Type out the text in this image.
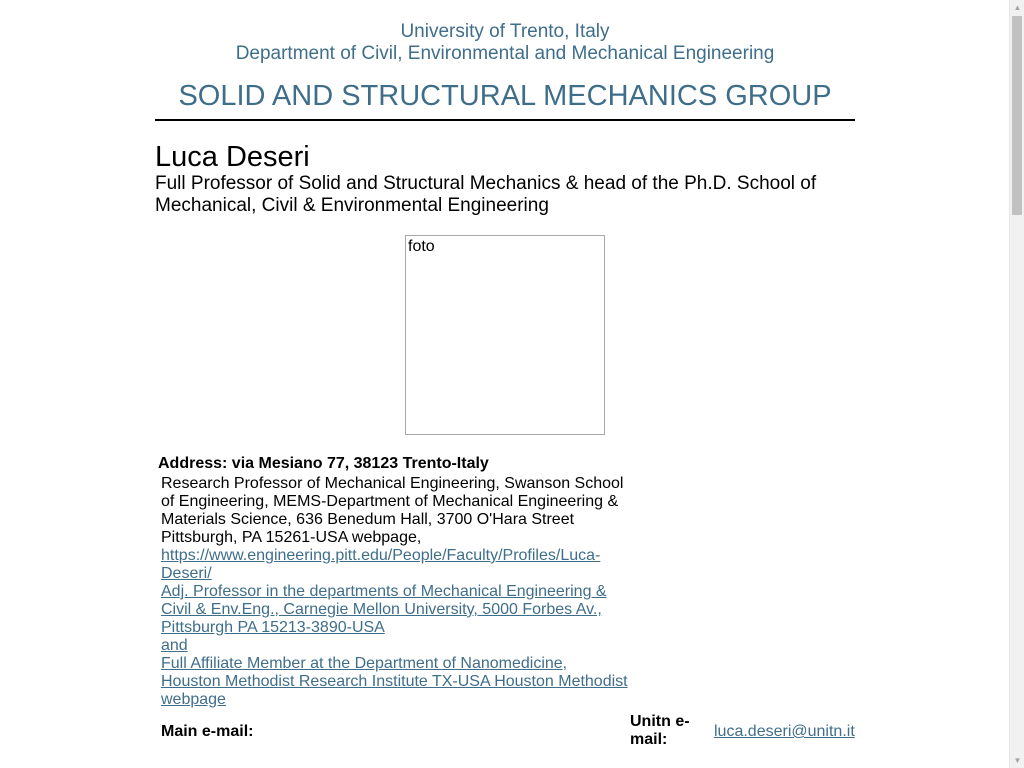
University of Trento, Italy
Department of Civil, Environmental and Mechanical Engineering
SOLID AND STRUCTURAL MECHANICS GROUP
Luca Deseri
Full Professor of Solid and Structural Mechanics & head of the Ph.D. School of Mechanical, Civil & Environmental Engineering
foto
Address: via Mesiano 77, 38123 Trento-Italy
Research Professor of Mechanical Engineering, Swanson School of Engineering, MEMS-Department of Mechanical Engineering & Materials Science, 636 Benedum Hall, 3700 O'Hara Street Pittsburgh, PA 15261-USA webpage,
https://www.engineering.pitt.edu/People/Faculty/Profiles/Luca-Deseri/
Adj. Professor in the departments of Mechanical Engineering & Civil & Env.Eng., Carnegie Mellon University, 5000 Forbes Av., Pittsburgh PA 15213-3890-USA
and
Full Affiliate Member at the Department of Nanomedicine,
Houston Methodist Research Institute TX-USA Houston Methodist webpage
Main e-mail:
Unitn e-mail:	luca.deseri@unitn.it
▲
▼
